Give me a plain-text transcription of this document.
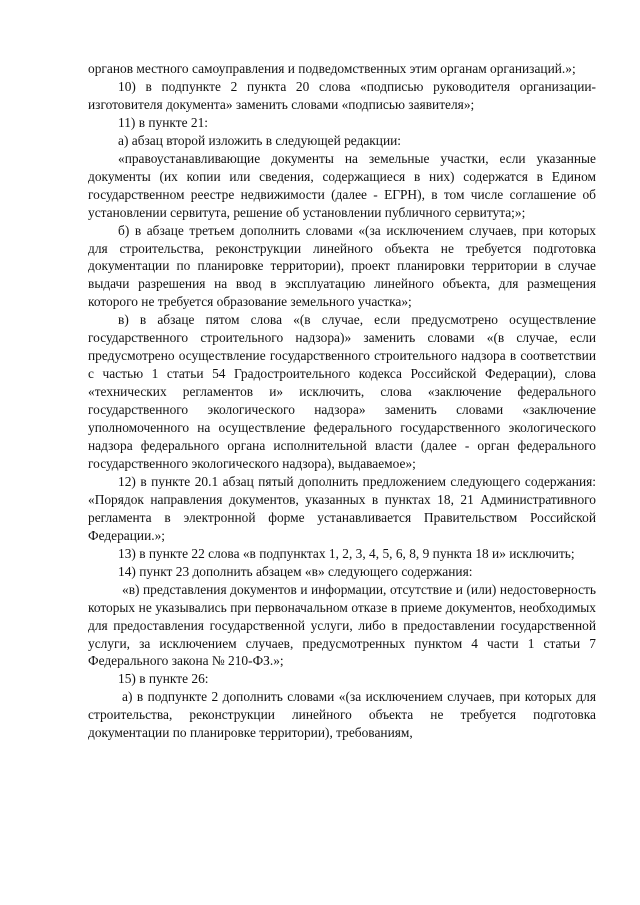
органов местного самоуправления и подведомственных этим органам организаций.»;

10) в подпункте 2 пункта 20 слова «подписью руководителя организации-изготовителя документа» заменить словами «подписью заявителя»;

11) в пункте 21:

а) абзац второй изложить в следующей редакции:

«правоустанавливающие документы на земельные участки, если указанные документы (их копии или сведения, содержащиеся в них) содержатся в Едином государственном реестре недвижимости (далее - ЕГРН), в том числе соглашение об установлении сервитута, решение об установлении публичного сервитута;»;

б) в абзаце третьем дополнить словами «(за исключением случаев, при которых для строительства, реконструкции линейного объекта не требуется подготовка документации по планировке территории), проект планировки территории в случае выдачи разрешения на ввод в эксплуатацию линейного объекта, для размещения которого не требуется образование земельного участка»;

в) в абзаце пятом слова «(в случае, если предусмотрено осуществление государственного строительного надзора)» заменить словами «(в случае, если предусмотрено осуществление государственного строительного надзора в соответствии с частью 1 статьи 54 Градостроительного кодекса Российской Федерации), слова «технических регламентов и» исключить, слова «заключение федерального государственного экологического надзора» заменить словами «заключение уполномоченного на осуществление федерального государственного экологического надзора федерального органа исполнительной власти (далее - орган федерального государственного экологического надзора), выдаваемое»;

12) в пункте 20.1 абзац пятый дополнить предложением следующего содержания: «Порядок направления документов, указанных в пунктах 18, 21 Административного регламента в электронной форме устанавливается Правительством Российской Федерации.»;

13) в пункте 22 слова «в подпунктах 1, 2, 3, 4, 5, 6, 8, 9 пункта 18 и» исключить;

14) пункт 23 дополнить абзацем «в» следующего содержания:

«в) представления документов и информации, отсутствие и (или) недостоверность которых не указывались при первоначальном отказе в приеме документов, необходимых для предоставления государственной услуги, либо в предоставлении государственной услуги, за исключением случаев, предусмотренных пунктом 4 части 1 статьи 7 Федерального закона № 210-ФЗ.»;

15) в пункте 26:

а) в подпункте 2 дополнить словами «(за исключением случаев, при которых для строительства, реконструкции линейного объекта не требуется подготовка документации по планировке территории), требованиям,
